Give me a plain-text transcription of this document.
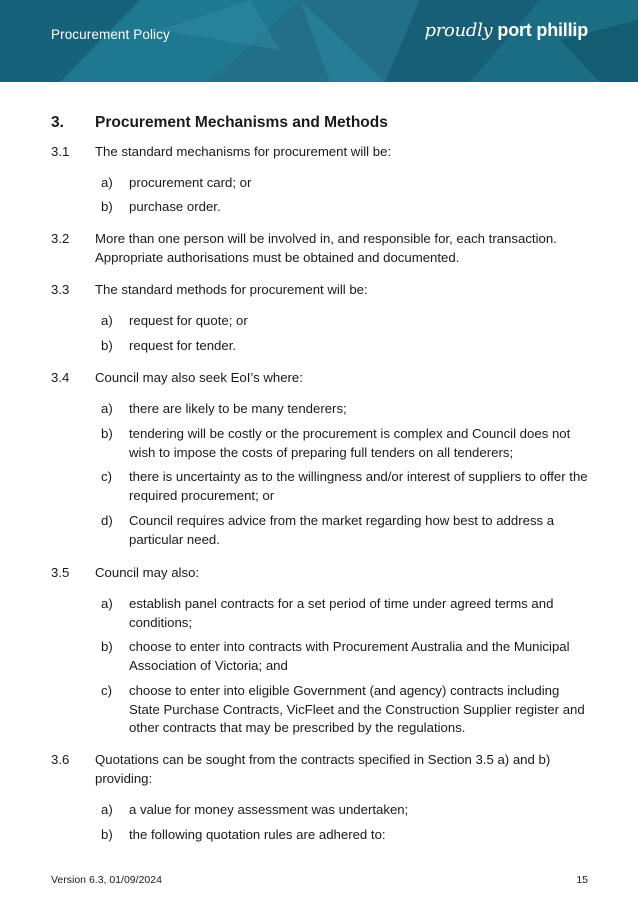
Procurement Policy	proudly port phillip
3.	Procurement Mechanisms and Methods
3.1	The standard mechanisms for procurement will be:
a)	procurement card; or
b)	purchase order.
3.2	More than one person will be involved in, and responsible for, each transaction. Appropriate authorisations must be obtained and documented.
3.3	The standard methods for procurement will be:
a)	request for quote; or
b)	request for tender.
3.4	Council may also seek EoI’s where:
a)	there are likely to be many tenderers;
b)	tendering will be costly or the procurement is complex and Council does not wish to impose the costs of preparing full tenders on all tenderers;
c)	there is uncertainty as to the willingness and/or interest of suppliers to offer the required procurement; or
d)	Council requires advice from the market regarding how best to address a particular need.
3.5	Council may also:
a)	establish panel contracts for a set period of time under agreed terms and conditions;
b)	choose to enter into contracts with Procurement Australia and the Municipal Association of Victoria; and
c)	choose to enter into eligible Government (and agency) contracts including State Purchase Contracts, VicFleet and the Construction Supplier register and other contracts that may be prescribed by the regulations.
3.6	Quotations can be sought from the contracts specified in Section 3.5 a) and b) providing:
a)	a value for money assessment was undertaken;
b)	the following quotation rules are adhered to:
Version 6.3, 01/09/2024	15
